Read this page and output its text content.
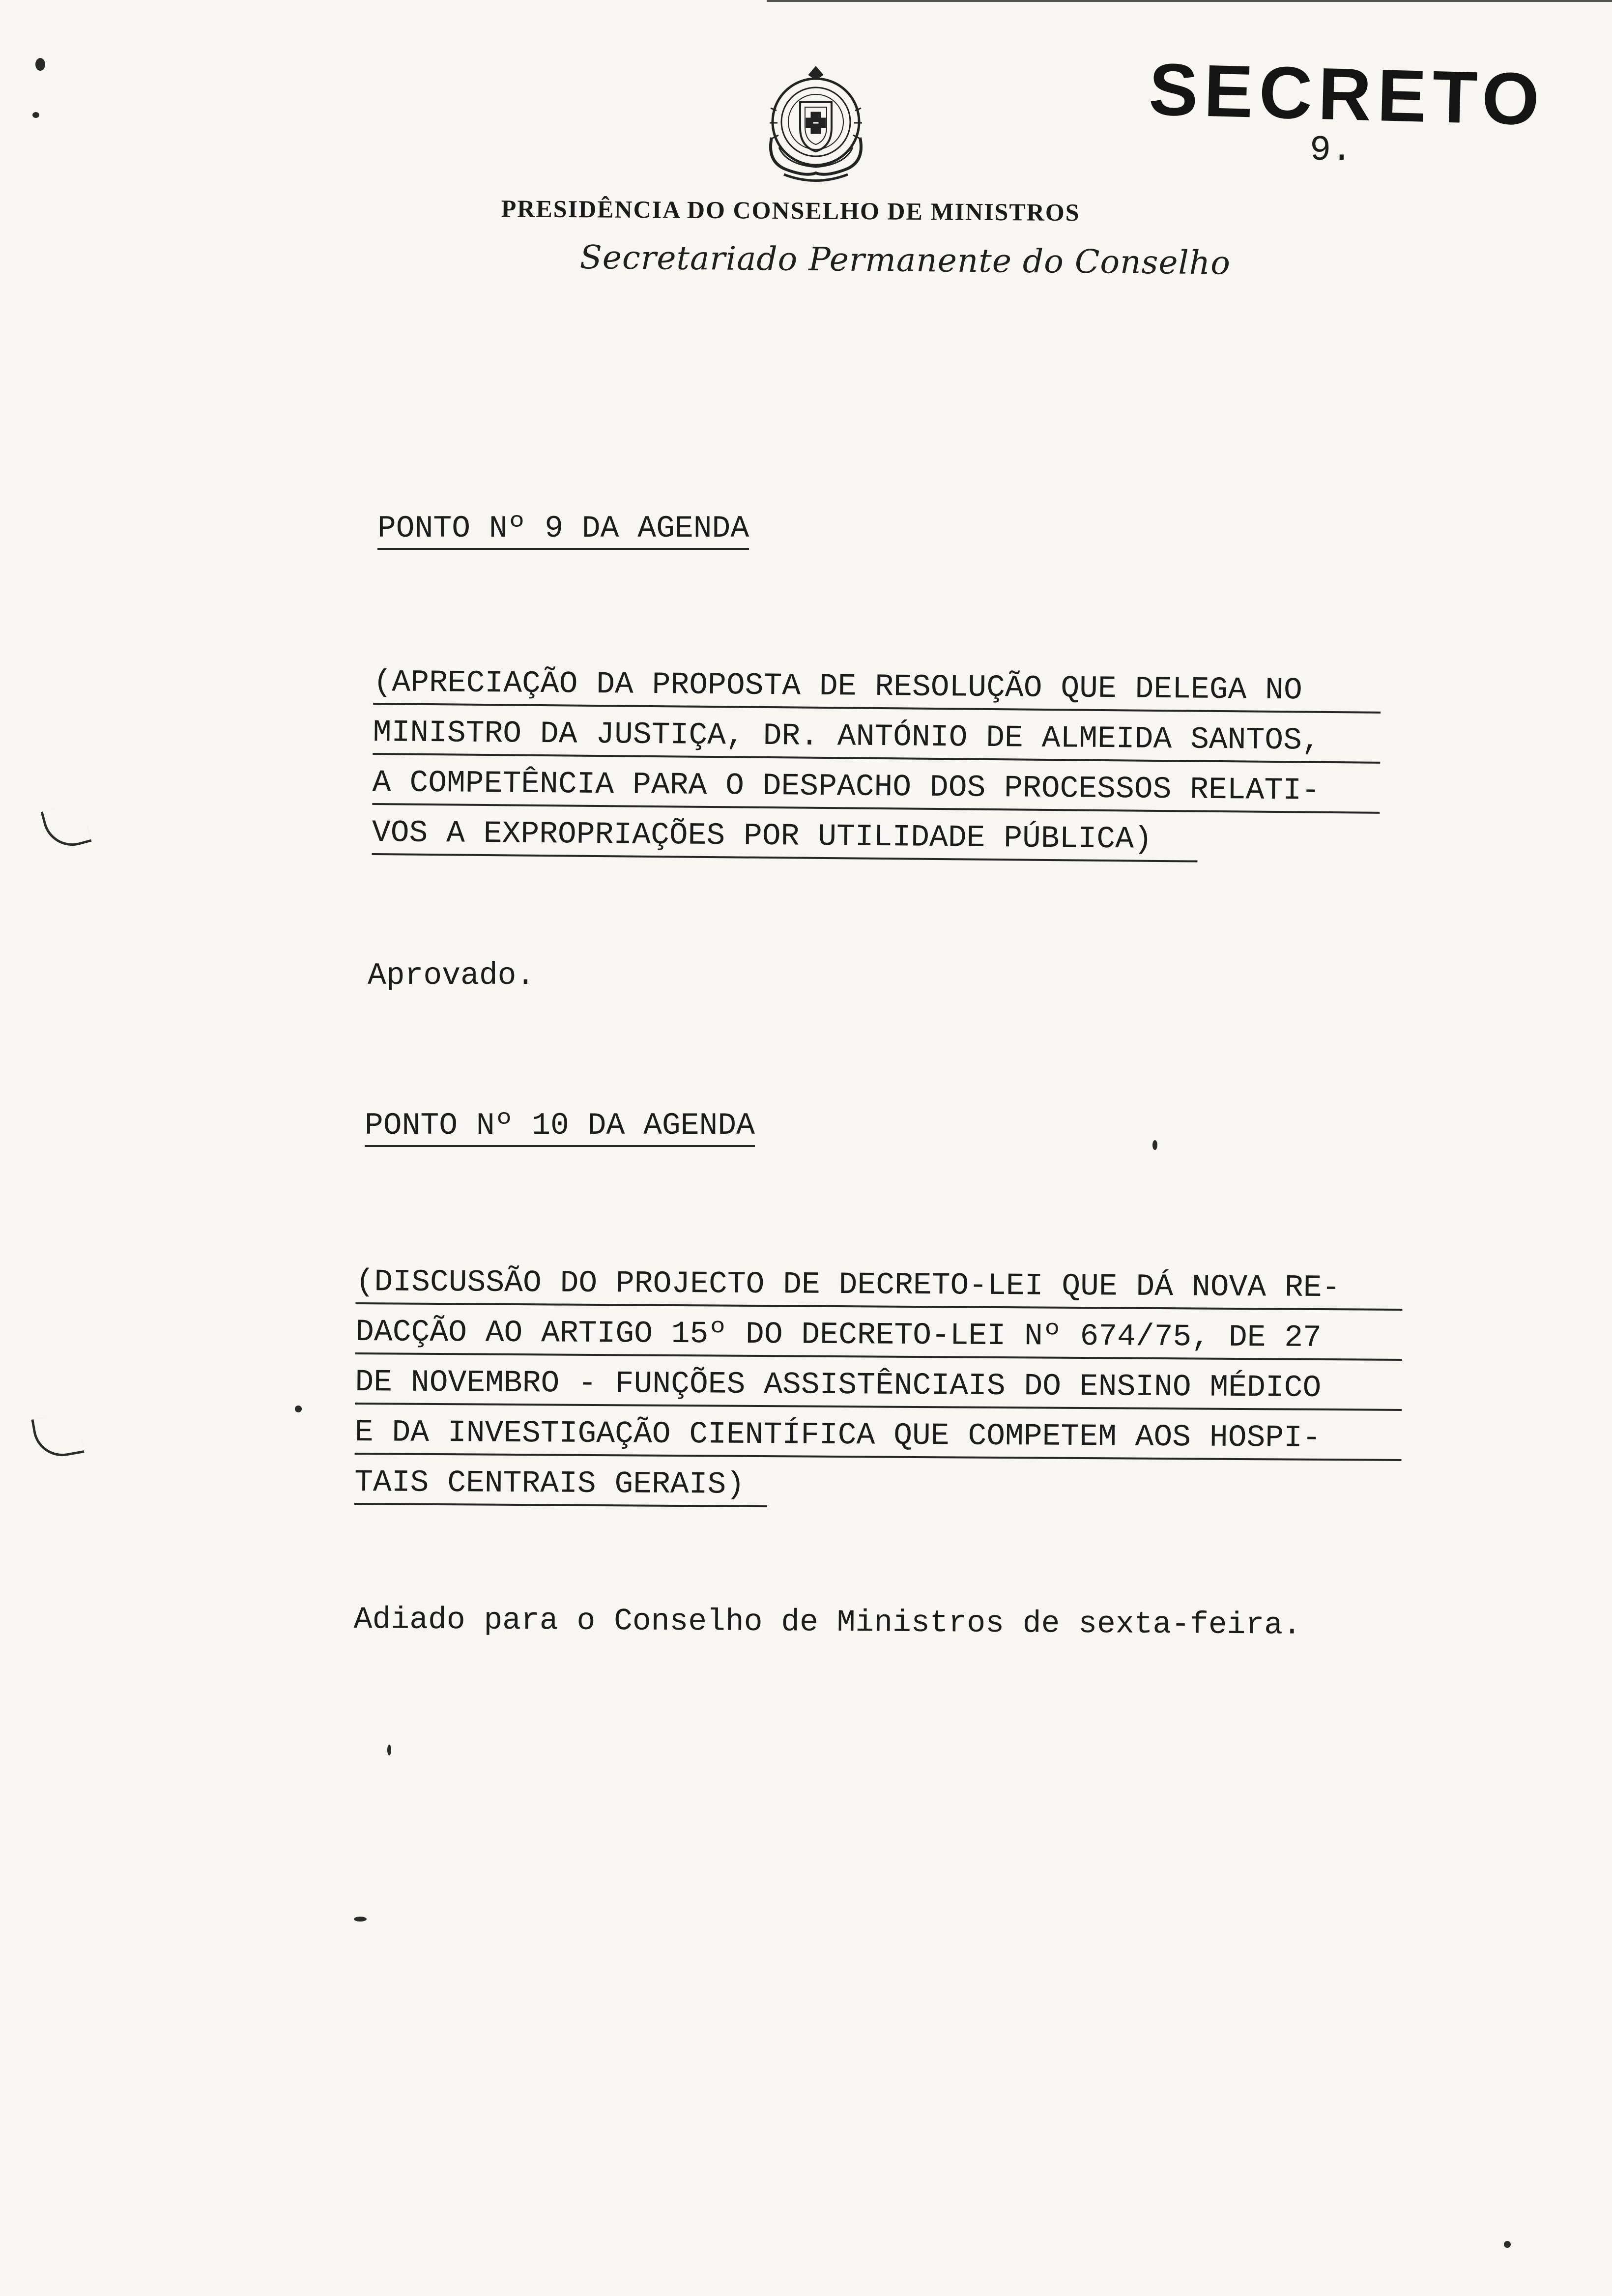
SECRETO
9.
PRESIDÊNCIA DO CONSELHO DE MINISTROS
Secretariado Permanente do Conselho
PONTO Nº 9 DA AGENDA
(APRECIAÇÃO DA PROPOSTA DE RESOLUÇÃO QUE DELEGA NO
MINISTRO DA JUSTIÇA, DR. ANTÓNIO DE ALMEIDA SANTOS,
A COMPETÊNCIA PARA O DESPACHO DOS PROCESSOS RELATI-
VOS A EXPROPRIAÇÕES POR UTILIDADE PÚBLICA)
Aprovado.
PONTO Nº 10 DA AGENDA
(DISCUSSÃO DO PROJECTO DE DECRETO-LEI QUE DÁ NOVA RE-
DACÇÃO AO ARTIGO 15º DO DECRETO-LEI Nº 674/75, DE 27
DE NOVEMBRO - FUNÇÕES ASSISTÊNCIAIS DO ENSINO MÉDICO
E DA INVESTIGAÇÃO CIENTÍFICA QUE COMPETEM AOS HOSPI-
TAIS CENTRAIS GERAIS)
Adiado para o Conselho de Ministros de sexta-feira.
